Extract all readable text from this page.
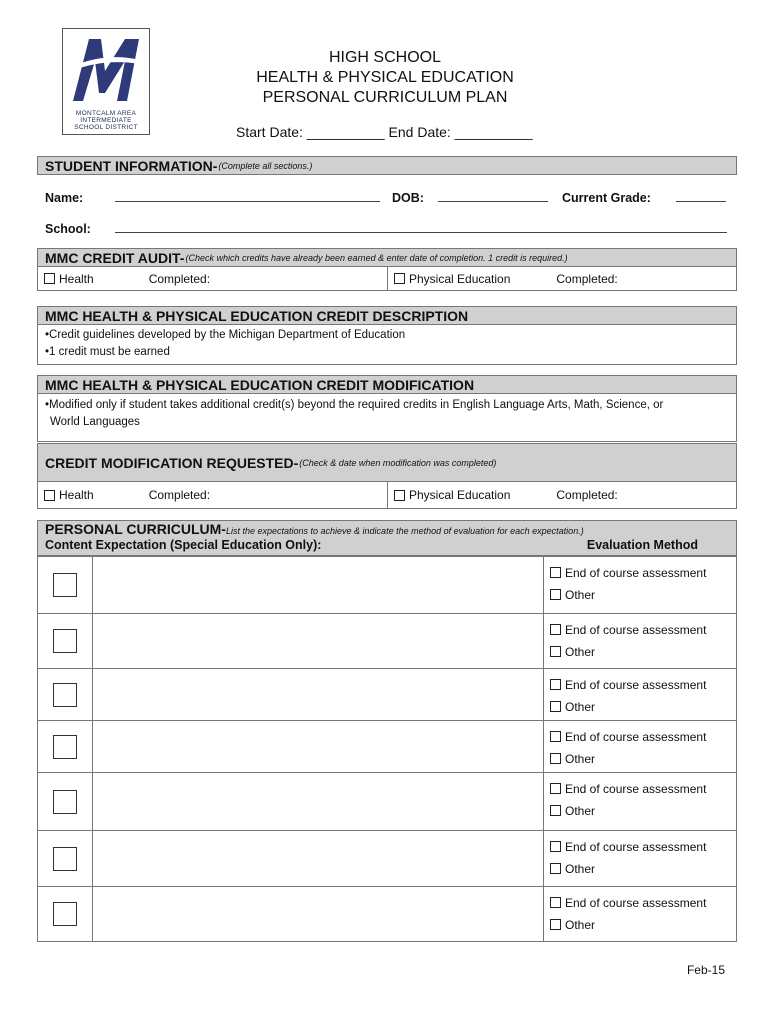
MONTCALM AREA
INTERMEDIATE
SCHOOL DISTRICT
HIGH SCHOOL
HEALTH & PHYSICAL EDUCATION
PERSONAL CURRICULUM PLAN
Start Date: __________ End Date: __________
STUDENT INFORMATION- (Complete all sections.)
Name:	DOB:	Current Grade:
School:
MMC CREDIT AUDIT- (Check which credits have already been earned & enter date of completion. 1 credit is required.)
Health	Completed:	Physical Education	Completed:
MMC HEALTH & PHYSICAL EDUCATION CREDIT DESCRIPTION
•Credit guidelines developed by the Michigan Department of Education
•1 credit must be earned
MMC HEALTH & PHYSICAL EDUCATION CREDIT MODIFICATION
•Modified only if student takes additional credit(s) beyond the required credits in English Language Arts, Math, Science, or
World Languages
CREDIT MODIFICATION REQUESTED- (Check & date when modification was completed)
Health	Completed:	Physical Education	Completed:
PERSONAL CURRICULUM-List the expectations to achieve & indicate the method of evaluation for each expectation.)
Content Expectation (Special Education Only):	Evaluation Method
End of course assessment
Other
End of course assessment
Other
End of course assessment
Other
End of course assessment
Other
End of course assessment
Other
End of course assessment
Other
End of course assessment
Other
Feb-15
